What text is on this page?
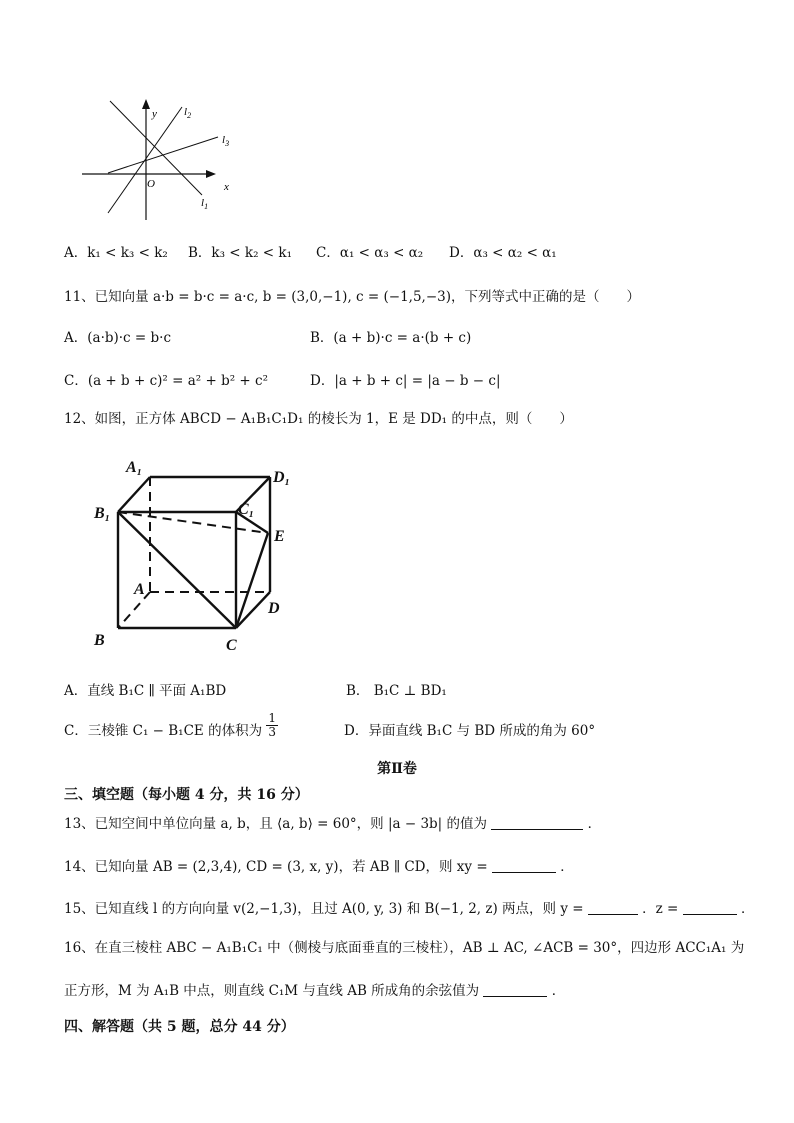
y
x
O
$l_2$
$l_3$
$l_1$
A．k₁ < k₃ < k₂ B．k₃ < k₂ < k₁ C．α₁ < α₃ < α₂ D．α₃ < α₂ < α₁
11、已知向量 a·b = b·c = a·c, b = (3,0,−1), c = (−1,5,−3)，下列等式中正确的是（　　）
A．(a·b)·c = b·c	B．(a + b)·c = a·(b + c)
C．(a + b + c)² = a² + b² + c²	D．|a + b + c| = |a − b − c|
12、如图，正方体 ABCD − A₁B₁C₁D₁ 的棱长为 1，E 是 DD₁ 的中点，则（　　）
A₁
D₁
B₁	C₁
E
A
D
B	C
A．直线 B₁C ∥ 平面 A₁BD	B． B₁C ⊥ BD₁
C．三棱锥 C₁ − B₁CE 的体积为 $\frac{1}{3}$	D．异面直线 B₁C 与 BD 所成的角为 60°
第Ⅱ卷
三、填空题（每小题 4 分，共 16 分）
13、已知空间中单位向量 a, b，且 ⟨a, b⟩ = 60°，则 |a − 3b| 的值为	．
14、已知向量 AB = (2,3,4), CD = (3, x, y)，若 AB ∥ CD，则 xy =	．
15、已知直线 l 的方向向量 v(2,−1,3)，且过 A(0, y, 3) 和 B(−1, 2, z) 两点，则 y =	．z =	．
16、在直三棱柱 ABC − A₁B₁C₁ 中（侧棱与底面垂直的三棱柱），AB ⊥ AC, ∠ACB = 30°，四边形 ACC₁A₁ 为
正方形，M 为 A₁B 中点，则直线 C₁M 与直线 AB 所成角的余弦值为	．
四、解答题（共 5 题，总分 44 分）
